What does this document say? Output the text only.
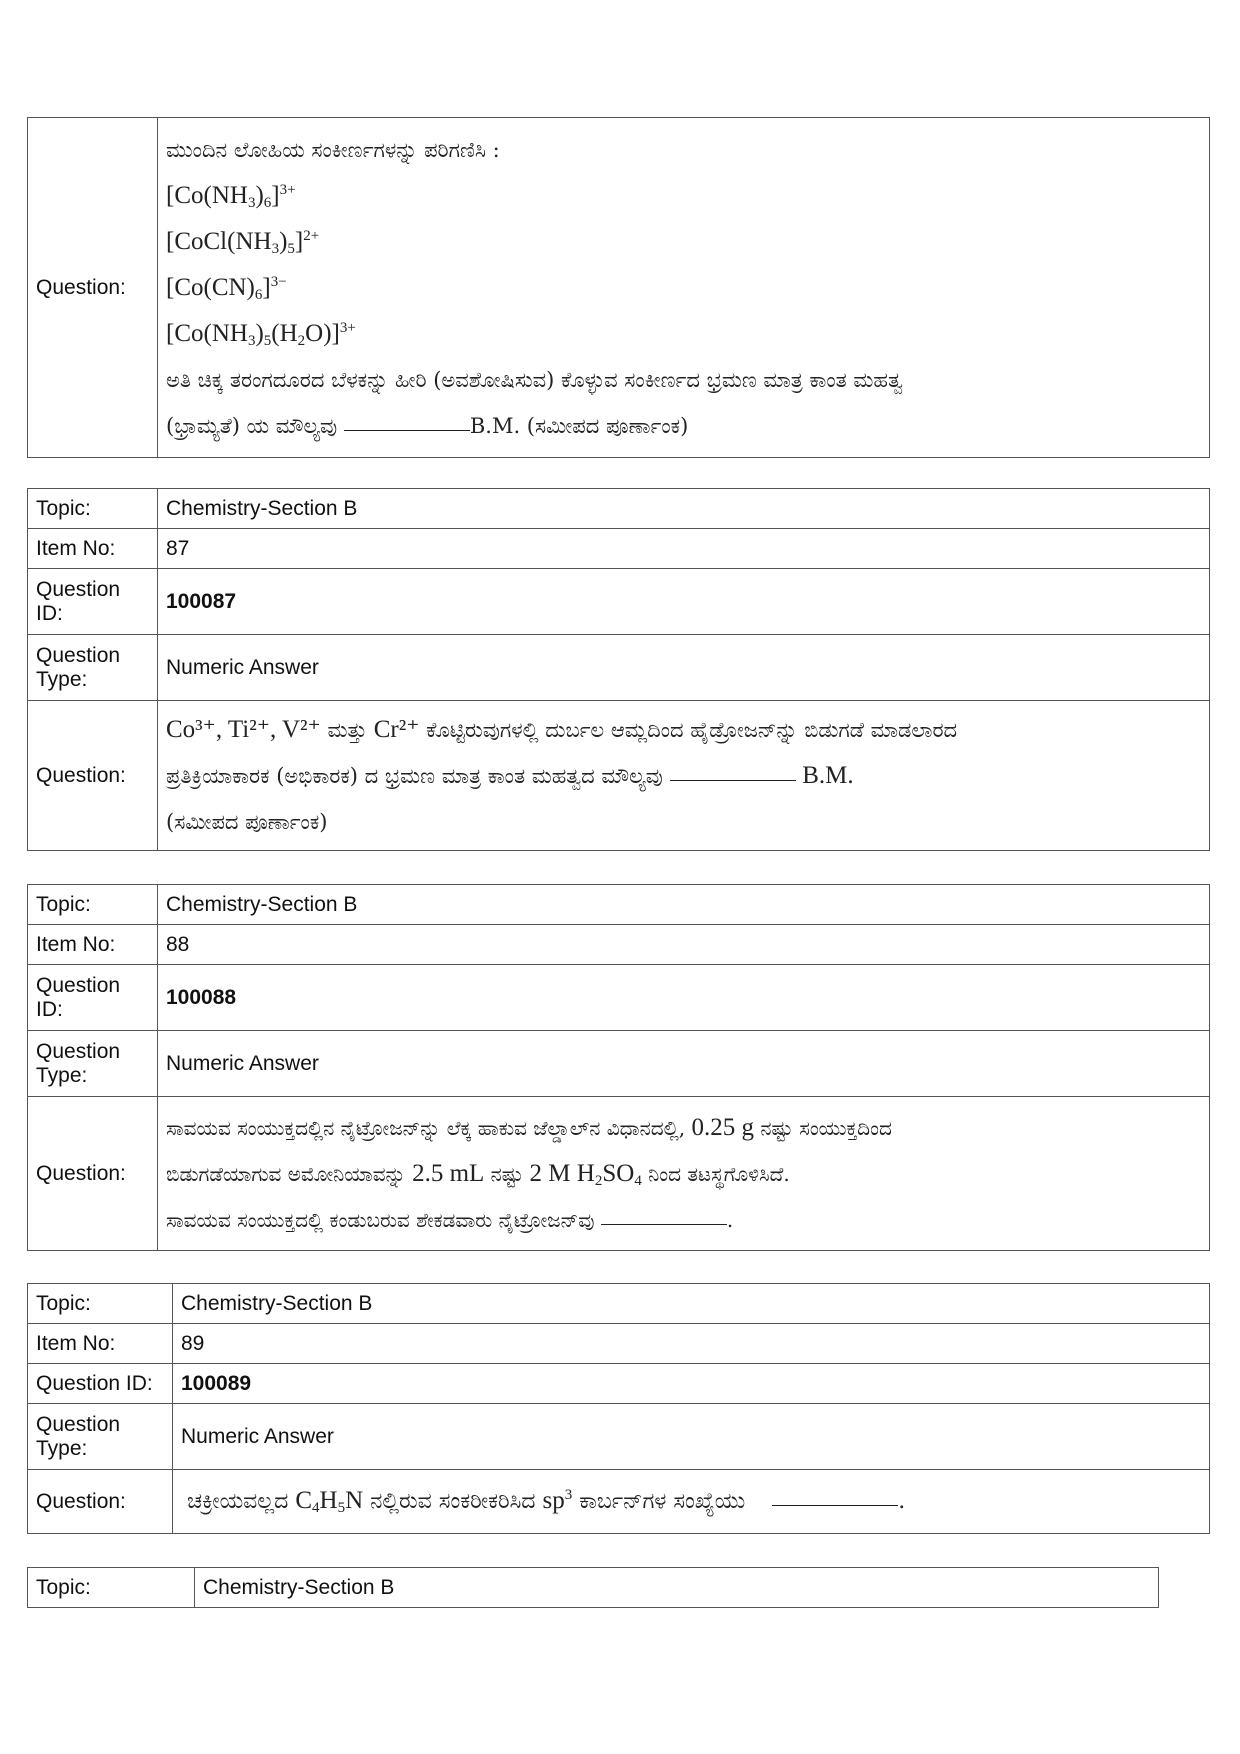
Question:	
ಮುಂದಿನ ಲೋಹಿಯ ಸಂಕೀರ್ಣಗಳನ್ನು ಪರಿಗಣಿಸಿ :
$[Co(NH_3)_6]^{3+}$
$[CoCl(NH_3)_5]^{2+}$
$[Co(CN)_6]^{3-}$
$[Co(NH_3)_5(H_2O)]^{3+}$
ಅತಿ ಚಿಕ್ಕ ತರಂಗದೂರದ ಬೆಳಕನ್ನು ಹೀರಿ (ಅವಶೋಷಿಸುವ) ಕೊಳ್ಳುವ ಸಂಕೀರ್ಣದ ಭ್ರಮಣ ಮಾತ್ರ ಕಾಂತ ಮಹತ್ವ
(ಭ್ರಾಮ್ಯತೆ) ಯ ಮೌಲ್ಯವು	B.M. (ಸಮೀಪದ ಪೂರ್ಣಾಂಕ)
Topic:	Chemistry-Section B
Item No:	87
Question
ID:	100087
Question
Type:	Numeric Answer
Question:	Co³⁺, Ti²⁺, V²⁺ ಮತ್ತು Cr²⁺ ಕೊಟ್ಟಿರುವುಗಳಲ್ಲಿ ದುರ್ಬಲ ಆಮ್ಲದಿಂದ ಹೈಡ್ರೋಜನ್‌ನ್ನು ಬಿಡುಗಡೆ ಮಾಡಲಾರದ
ಪ್ರತಿಕ್ರಿಯಾಕಾರಕ (ಅಭಿಕಾರಕ) ದ ಭ್ರಮಣ ಮಾತ್ರ ಕಾಂತ ಮಹತ್ವದ ಮೌಲ್ಯವು B.M.
(ಸಮೀಪದ ಪೂರ್ಣಾಂಕ)
Topic:	Chemistry-Section B
Item No:	88
Question
ID:	100088
Question
Type:	Numeric Answer
Question:	ಸಾವಯವ ಸಂಯುಕ್ತದಲ್ಲಿನ ನೈಟ್ರೋಜನ್‌ನ್ನು ಲೆಕ್ಕ ಹಾಕುವ ಜೆಲ್ಡಾಲ್‌ನ ವಿಧಾನದಲ್ಲಿ, 0.25 g ನಷ್ಟು ಸಂಯುಕ್ತದಿಂದ
ಬಿಡುಗಡೆಯಾಗುವ ಅಮೋನಿಯಾವನ್ನು 2.5 mL ನಷ್ಟು 2 M $H_2SO_4$ ನಿಂದ ತಟಸ್ಥಗೊಳಿಸಿದೆ.
ಸಾವಯವ ಸಂಯುಕ್ತದಲ್ಲಿ ಕಂಡುಬರುವ ಶೇಕಡವಾರು ನೈಟ್ರೋಜನ್‌ವು .
Topic:	Chemistry-Section B
Item No:	89
Question ID:	100089
Question
Type:	Numeric Answer
Question:	ಚಕ್ರೀಯವಲ್ಲದ $C_4H_5N$ ನಲ್ಲಿರುವ ಸಂಕರೀಕರಿಸಿದ $sp^3$ ಕಾರ್ಬನ್‌ಗಳ ಸಂಖ್ಯೆಯು .
Topic:	Chemistry-Section B
